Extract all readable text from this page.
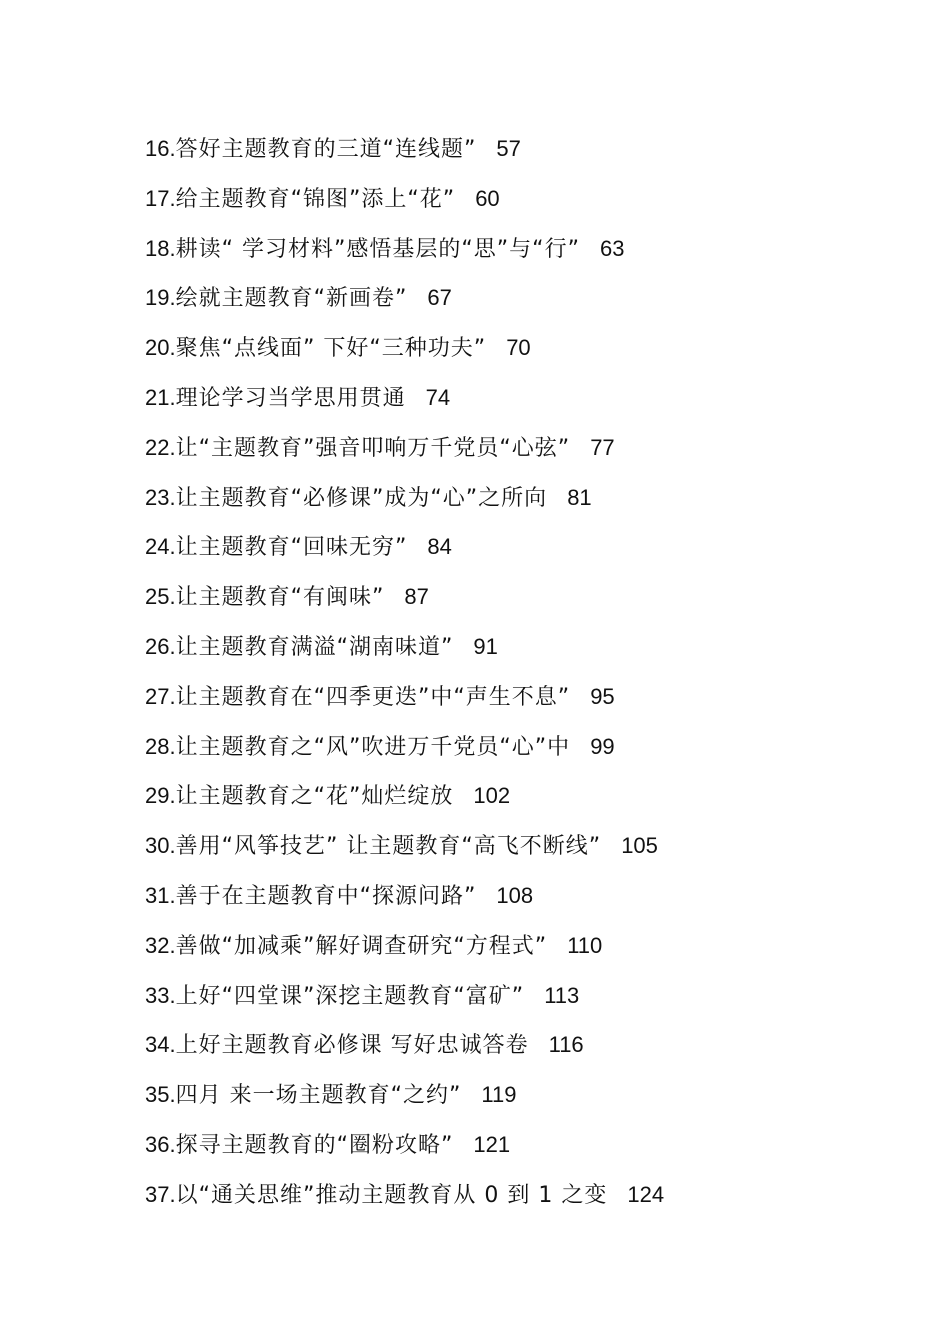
16.答好主题教育的三道“连线题” 57
17.给主题教育“锦图”添上“花” 60
18.耕读“ 学习材料”感悟基层的“思”与“行” 63
19.绘就主题教育“新画卷” 67
20.聚焦“点线面” 下好“三种功夫” 70
21.理论学习当学思用贯通 74
22.让“主题教育”强音叩响万千党员“心弦” 77
23.让主题教育“必修课”成为“心”之所向 81
24.让主题教育“回味无穷” 84
25.让主题教育“有闽味” 87
26.让主题教育满溢“湖南味道” 91
27.让主题教育在“四季更迭”中“声生不息” 95
28.让主题教育之“风”吹进万千党员“心”中 99
29.让主题教育之“花”灿烂绽放 102
30.善用“风筝技艺” 让主题教育“高飞不断线” 105
31.善于在主题教育中“探源问路” 108
32.善做“加减乘”解好调查研究“方程式” 110
33.上好“四堂课”深挖主题教育“富矿” 113
34.上好主题教育必修课 写好忠诚答卷 116
35.四月 来一场主题教育“之约” 119
36.探寻主题教育的“圈粉攻略” 121
37.以“通关思维”推动主题教育从 0 到 1 之变 124
